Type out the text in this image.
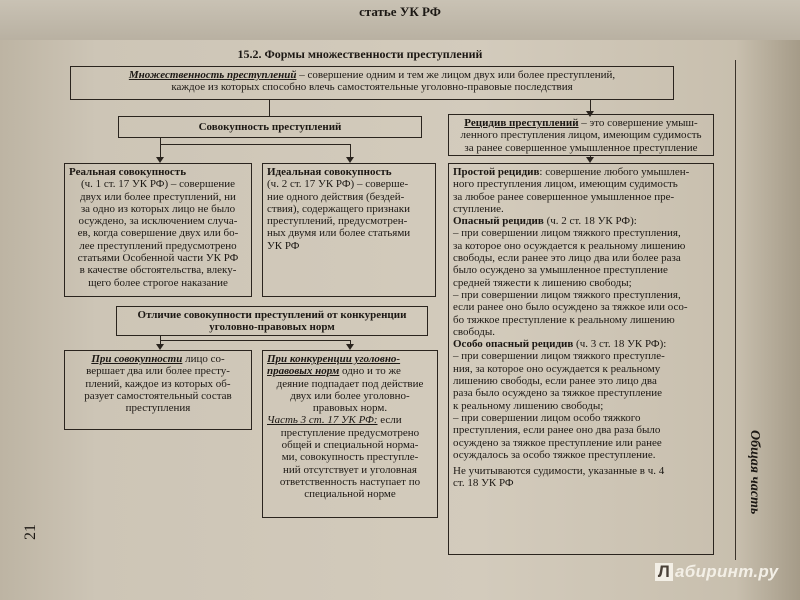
статье УК РФ
15.2. Формы множественности преступлений
Множественность преступлений – совершение одним и тем же лицом двух или более преступлений,
каждое из которых способно влечь самостоятельные уголовно-правовые последствия
Совокупность преступлений
Реальная совокупность
(ч. 1 ст. 17 УК РФ) – совершение
двух или более преступлений, ни
за одно из которых лицо не было
осуждено, за исключением случа-
ев, когда совершение двух или бо-
лее преступлений предусмотрено
статьями Особенной части УК РФ
в качестве обстоятельства, влеку-
щего более строгое наказание
Идеальная совокупность
(ч. 2 ст. 17 УК РФ) – соверше-
ние одного действия (бездей-
ствия), содержащего признаки
преступлений, предусмотрен-
ных двумя или более статьями
УК РФ
Отличие совокупности преступлений от конкуренции
уголовно-правовых норм
При совокупности лицо со-
вершает два или более престу-
плений, каждое из которых об-
разует самостоятельный состав
преступления
При конкуренции уголовно-
правовых норм одно и то же
деяние подпадает под действие
двух или более уголовно-
правовых норм.
Часть 3 ст. 17 УК РФ: если
преступление предусмотрено
общей и специальной норма-
ми, совокупность преступле-
ний отсутствует и уголовная
ответственность наступает по
специальной норме
Рецидив преступлений – это совершение умыш-
ленного преступления лицом, имеющим судимость
за ранее совершенное умышленное преступление
Простой рецидив: совершение любого умышлен-
ного преступления лицом, имеющим судимость
за любое ранее совершенное умышленное пре-
ступление.
Опасный рецидив (ч. 2 ст. 18 УК РФ):
– при совершении лицом тяжкого преступления,
за которое оно осуждается к реальному лишению
свободы, если ранее это лицо два или более раза
было осуждено за умышленное преступление
средней тяжести к лишению свободы;
– при совершении лицом тяжкого преступления,
если ранее оно было осуждено за тяжкое или осо-
бо тяжкое преступление к реальному лишению
свободы.
Особо опасный рецидив (ч. 3 ст. 18 УК РФ):
– при совершении лицом тяжкого преступле-
ния, за которое оно осуждается к реальному
лишению свободы, если ранее это лицо два
раза было осуждено за тяжкое преступление
к реальному лишению свободы;
– при совершении лицом особо тяжкого
преступления, если ранее оно два раза было
осуждено за тяжкое преступление или ранее
осуждалось за особо тяжкое преступление.
Не учитываются судимости, указанные в ч. 4
ст. 18 УК РФ	Общая часть
21
Л абиринт.ру
